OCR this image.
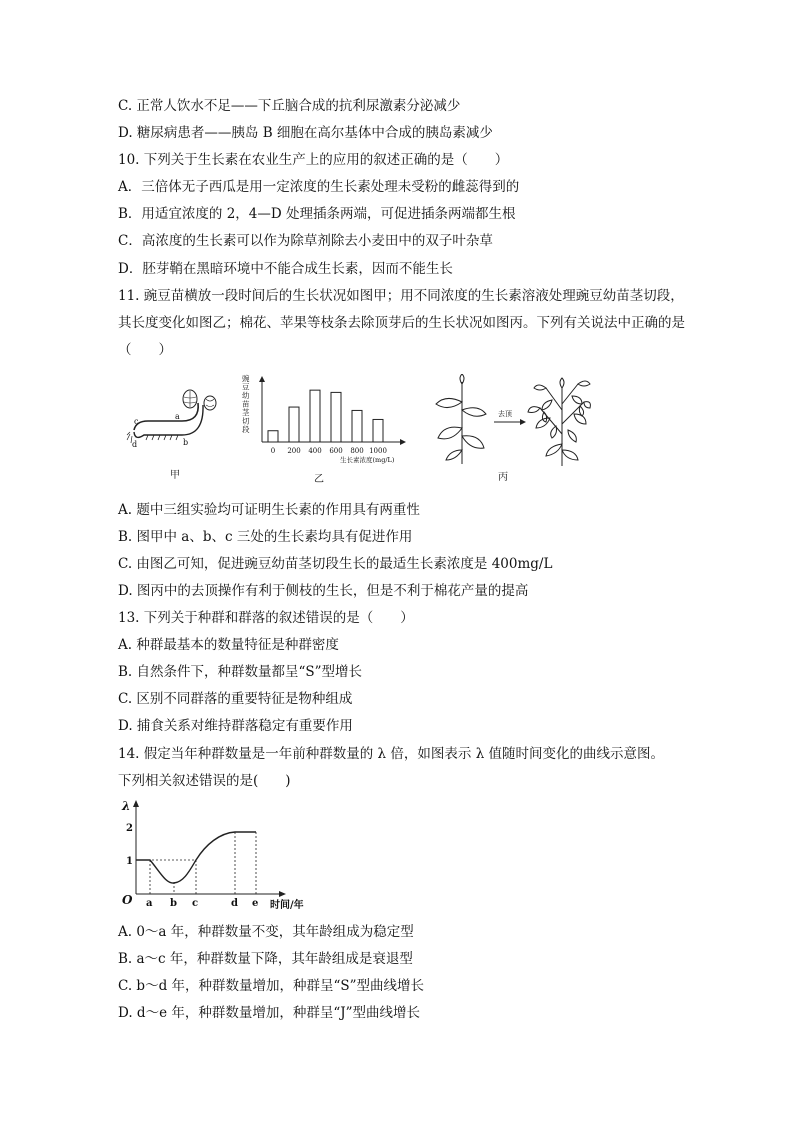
C. 正常人饮水不足——下丘脑合成的抗利尿激素分泌减少
D. 糖尿病患者——胰岛 B 细胞在高尔基体中合成的胰岛素减少
10. 下列关于生长素在农业生产上的应用的叙述正确的是（　　）
A．三倍体无子西瓜是用一定浓度的生长素处理未受粉的雌蕊得到的
B．用适宜浓度的 2，4—D 处理插条两端，可促进插条两端都生根
C．高浓度的生长素可以作为除草剂除去小麦田中的双子叶杂草
D．胚芽鞘在黑暗环境中不能合成生长素，因而不能生长
11. 豌豆苗横放一段时间后的生长状况如图甲；用不同浓度的生长素溶液处理豌豆幼苗茎切段，
其长度变化如图乙；棉花、苹果等枝条去除顶芽后的生长状况如图丙。下列有关说法中正确的是
（　　）
c
a
b
d
甲
豌
豆
幼
苗
茎
切
段
0 200 400 600 800 1000
生长素浓度(mg/L)
乙
去顶
丙
A. 题中三组实验均可证明生长素的作用具有两重性
B. 图甲中 a、b、c 三处的生长素均具有促进作用
C. 由图乙可知，促进豌豆幼苗茎切段生长的最适生长素浓度是 400mg/L
D. 图丙中的去顶操作有利于侧枝的生长，但是不利于棉花产量的提高
13. 下列关于种群和群落的叙述错误的是（　　）
A. 种群最基本的数量特征是种群密度
B. 自然条件下，种群数量都呈“S”型增长
C. 区别不同群落的重要特征是物种组成
D. 捕食关系对维持群落稳定有重要作用
14. 假定当年种群数量是一年前种群数量的 λ 倍，如图表示 λ 值随时间变化的曲线示意图。
下列相关叙述错误的是(　　)
λ
O
2
1
a b c	d e 时间/年
A. 0～a 年，种群数量不变，其年龄组成为稳定型
B. a～c 年，种群数量下降，其年龄组成是衰退型
C. b～d 年，种群数量增加，种群呈“S”型曲线增长
D. d～e 年，种群数量增加，种群呈“J”型曲线增长
